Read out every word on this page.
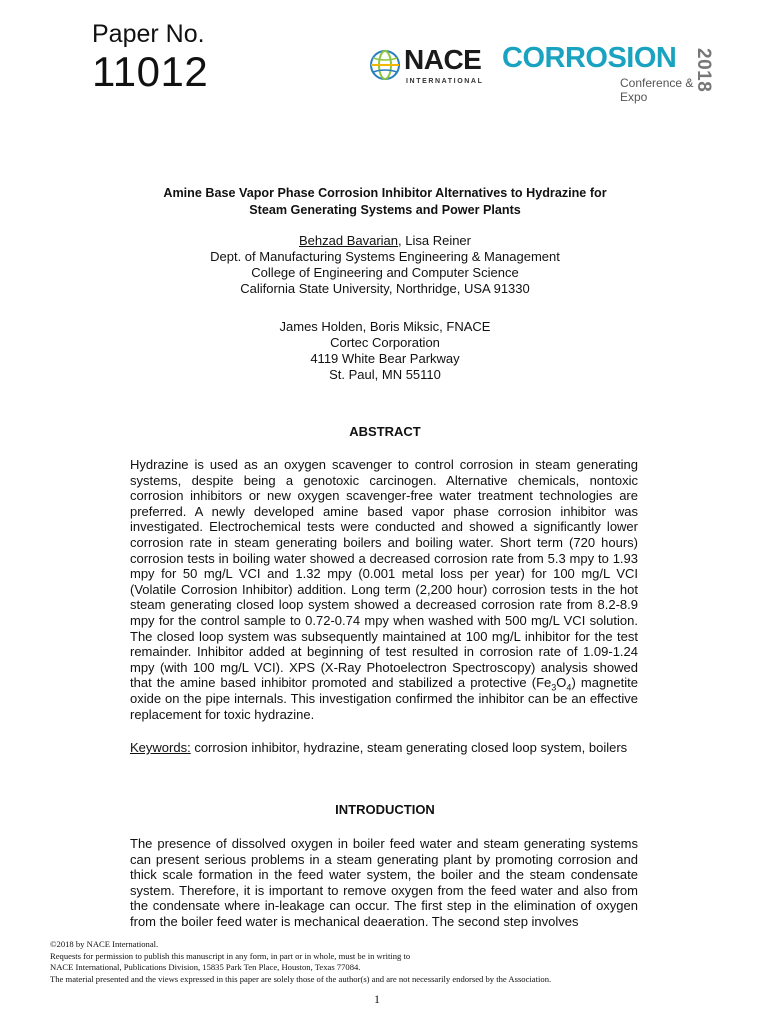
Paper No.
11012	NACE
INTERNATIONAL
CORROSION
Conference & Expo
2018
Amine Base Vapor Phase Corrosion Inhibitor Alternatives to Hydrazine for
Steam Generating Systems and Power Plants
Behzad Bavarian, Lisa Reiner
Dept. of Manufacturing Systems Engineering & Management
College of Engineering and Computer Science
California State University, Northridge, USA 91330
James Holden, Boris Miksic, FNACE
Cortec Corporation
4119 White Bear Parkway
St. Paul, MN 55110
ABSTRACT
Hydrazine is used as an oxygen scavenger to control corrosion in steam generating systems, despite being a genotoxic carcinogen. Alternative chemicals, nontoxic corrosion inhibitors or new oxygen scavenger-free water treatment technologies are preferred. A newly developed amine based vapor phase corrosion inhibitor was investigated. Electrochemical tests were conducted and showed a significantly lower corrosion rate in steam generating boilers and boiling water. Short term (720 hours) corrosion tests in boiling water showed a decreased corrosion rate from 5.3 mpy to 1.93 mpy for 50 mg/L VCI and 1.32 mpy (0.001 metal loss per year) for 100 mg/L VCI (Volatile Corrosion Inhibitor) addition. Long term (2,200 hour) corrosion tests in the hot steam generating closed loop system showed a decreased corrosion rate from 8.2-8.9 mpy for the control sample to 0.72-0.74 mpy when washed with 500 mg/L VCI solution. The closed loop system was subsequently maintained at 100 mg/L inhibitor for the test remainder. Inhibitor added at beginning of test resulted in corrosion rate of 1.09-1.24 mpy (with 100 mg/L VCI). XPS (X-Ray Photoelectron Spectroscopy) analysis showed that the amine based inhibitor promoted and stabilized a protective $(Fe_3O_4)$ magnetite oxide on the pipe internals. This investigation confirmed the inhibitor can be an effective replacement for toxic hydrazine.
Keywords: corrosion inhibitor, hydrazine, steam generating closed loop system, boilers
INTRODUCTION
The presence of dissolved oxygen in boiler feed water and steam generating systems can present serious problems in a steam generating plant by promoting corrosion and thick scale formation in the feed water system, the boiler and the steam condensate system. Therefore, it is important to remove oxygen from the feed water and also from the condensate where in-leakage can occur. The first step in the elimination of oxygen from the boiler feed water is mechanical deaeration. The second step involves
©2018 by NACE International.
Requests for permission to publish this manuscript in any form, in part or in whole, must be in writing to
NACE International, Publications Division, 15835 Park Ten Place, Houston, Texas 77084.
The material presented and the views expressed in this paper are solely those of the author(s) and are not necessarily endorsed by the Association.
1
